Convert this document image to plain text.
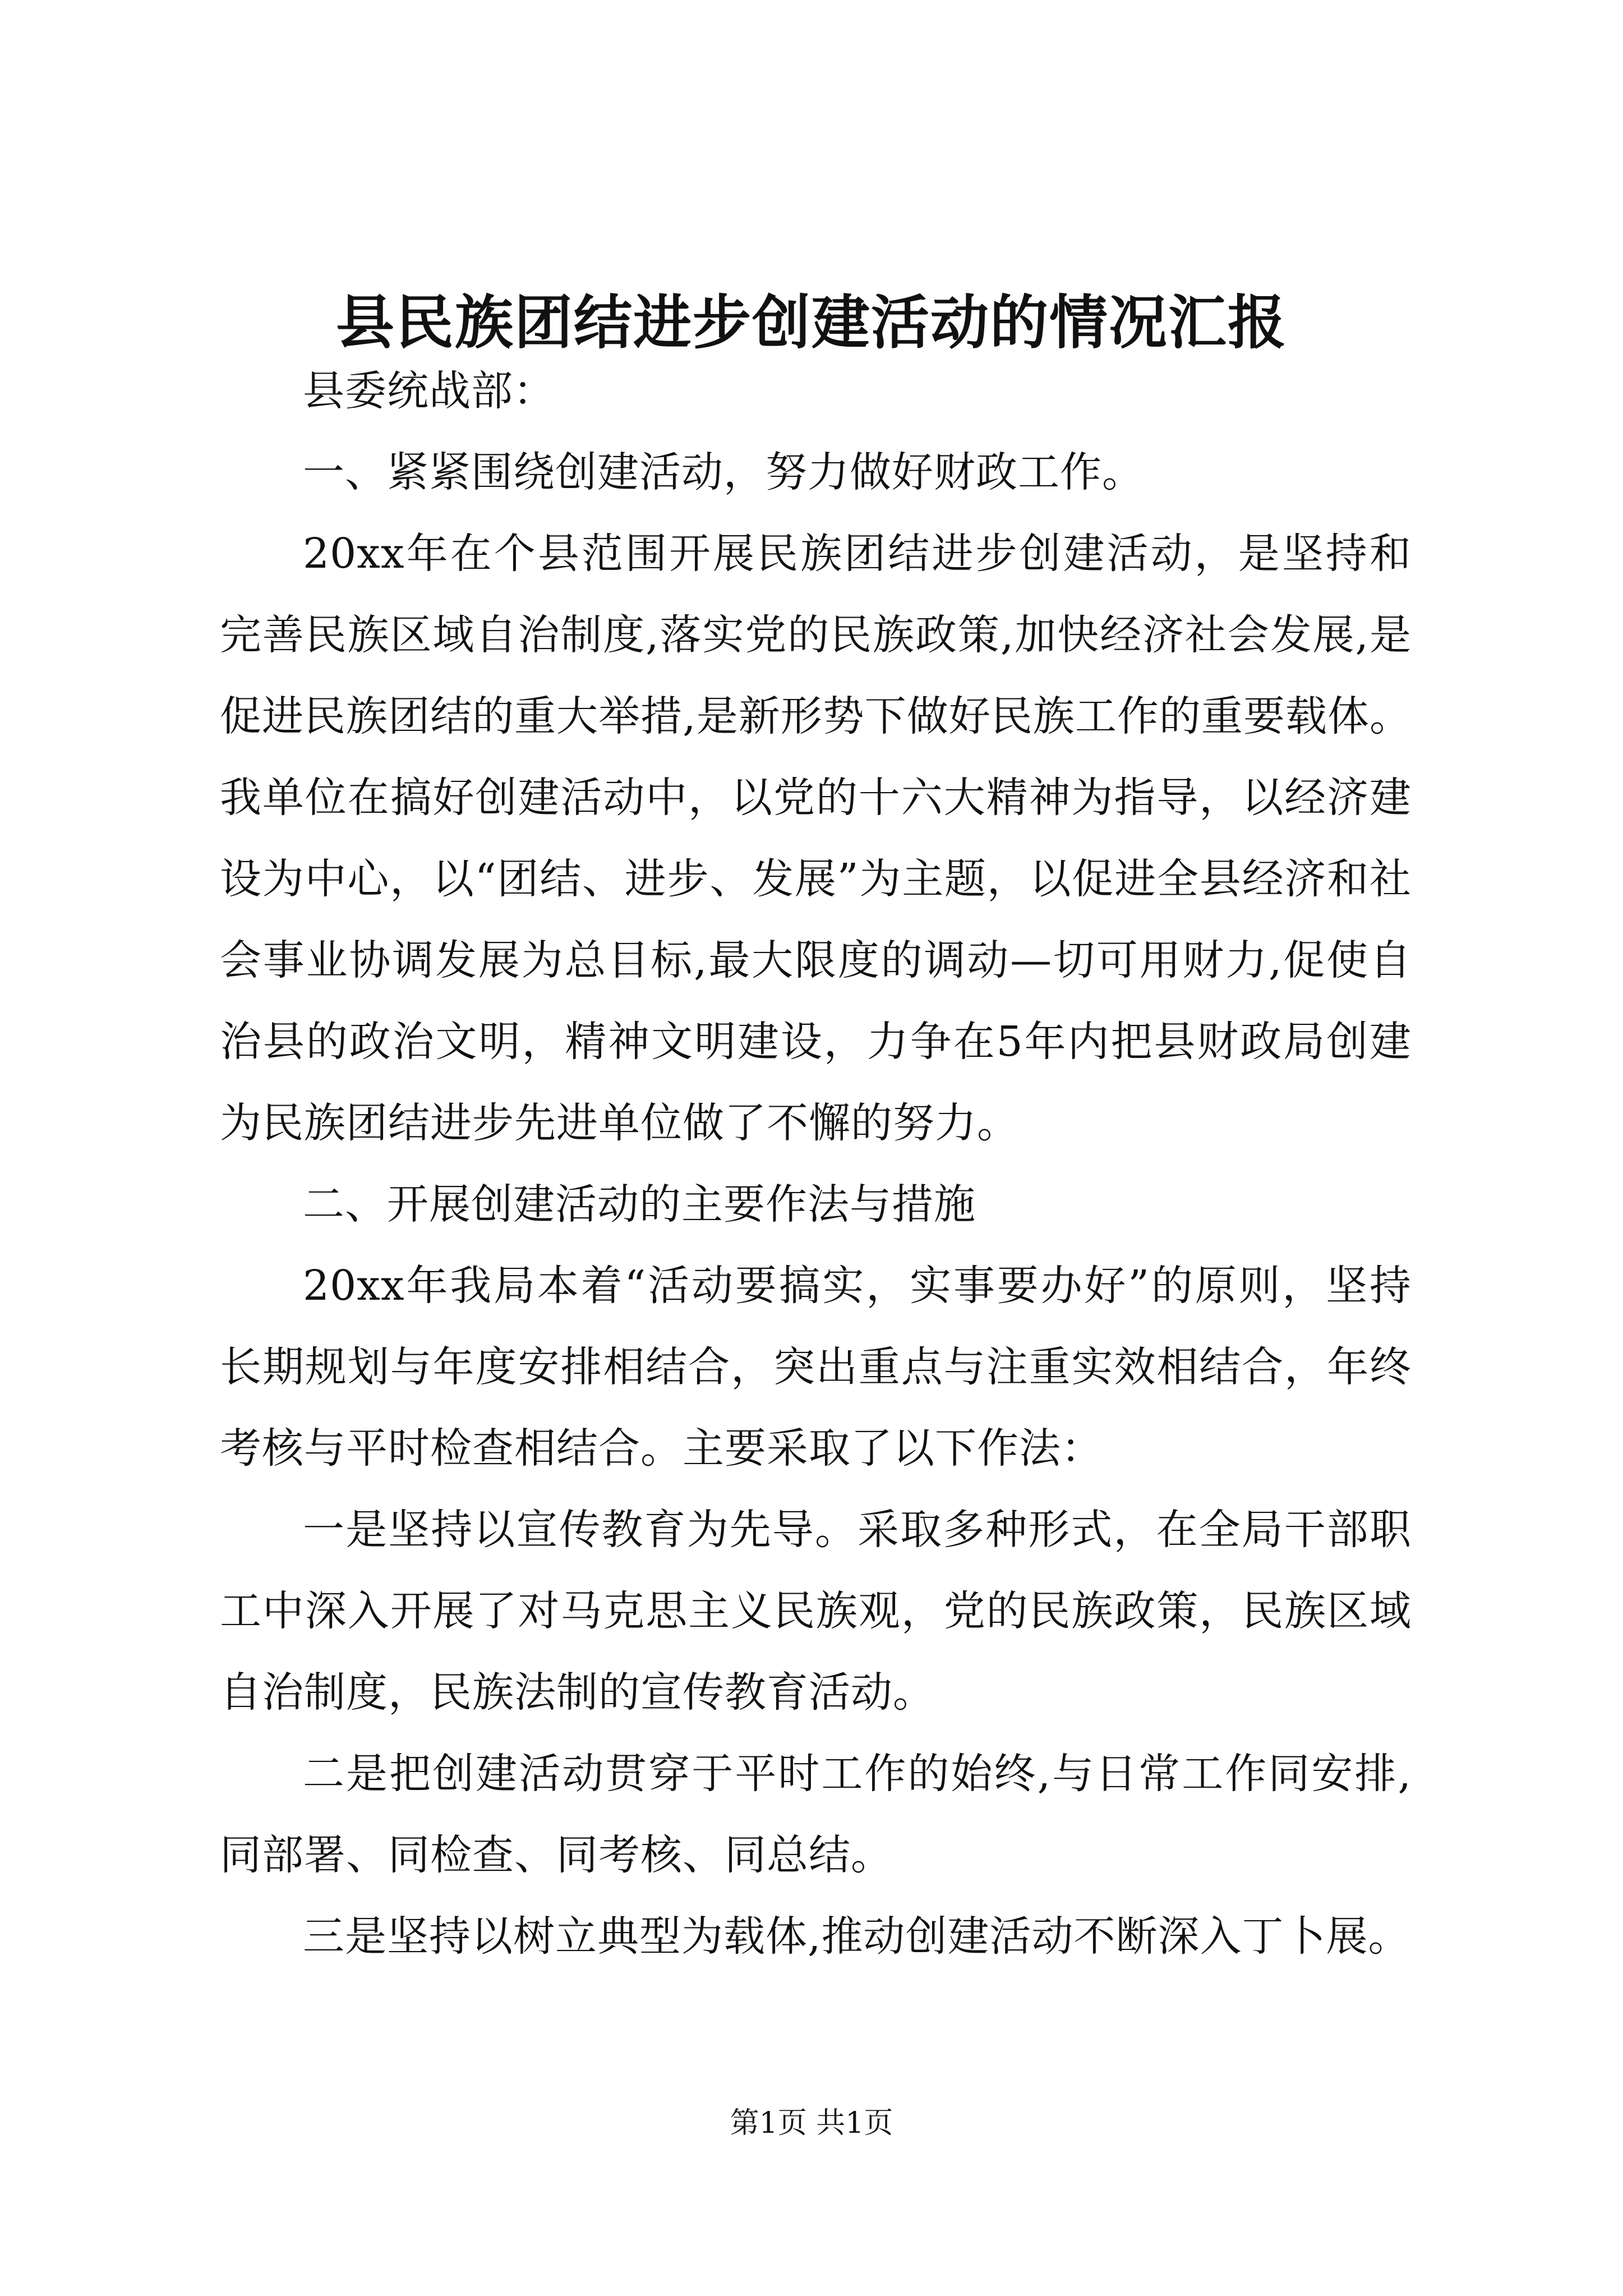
县民族团结进步创建活动的情况汇报

县委统战部：

一、紧紧围绕创建活动，努力做好财政工作。

20xx年在个县范围开展民族团结进步创建活动，是坚持和完善民族区域自治制度,落实党的民族政策,加快经济社会发展,是促进民族团结的重大举措,是新形势下做好民族工作的重要载体。我单位在搞好创建活动中，以党的十六大精神为指导，以经济建设为中心，以“团结、进步、发展”为主题，以促进全县经济和社会事业协调发展为总目标,最大限度的调动—切可用财力,促使自治县的政治文明，精神文明建设，力争在5年内把县财政局创建为民族团结进步先进单位做了不懈的努力。

二、开展创建活动的主要作法与措施

20xx年我局本着“活动要搞实，实事要办好”的原则，坚持长期规划与年度安排相结合，突出重点与注重实效相结合，年终考核与平时检查相结合。主要采取了以下作法：

一是坚持以宣传教育为先导。采取多种形式，在全局干部职工中深入开展了对马克思主义民族观，党的民族政策，民族区域自治制度，民族法制的宣传教育活动。

二是把创建活动贯穿于平时工作的始终,与日常工作同安排,同部署、同检查、同考核、同总结。

三是坚持以树立典型为载体,推动创建活动不断深入丁卜展。

第1页 共1页
